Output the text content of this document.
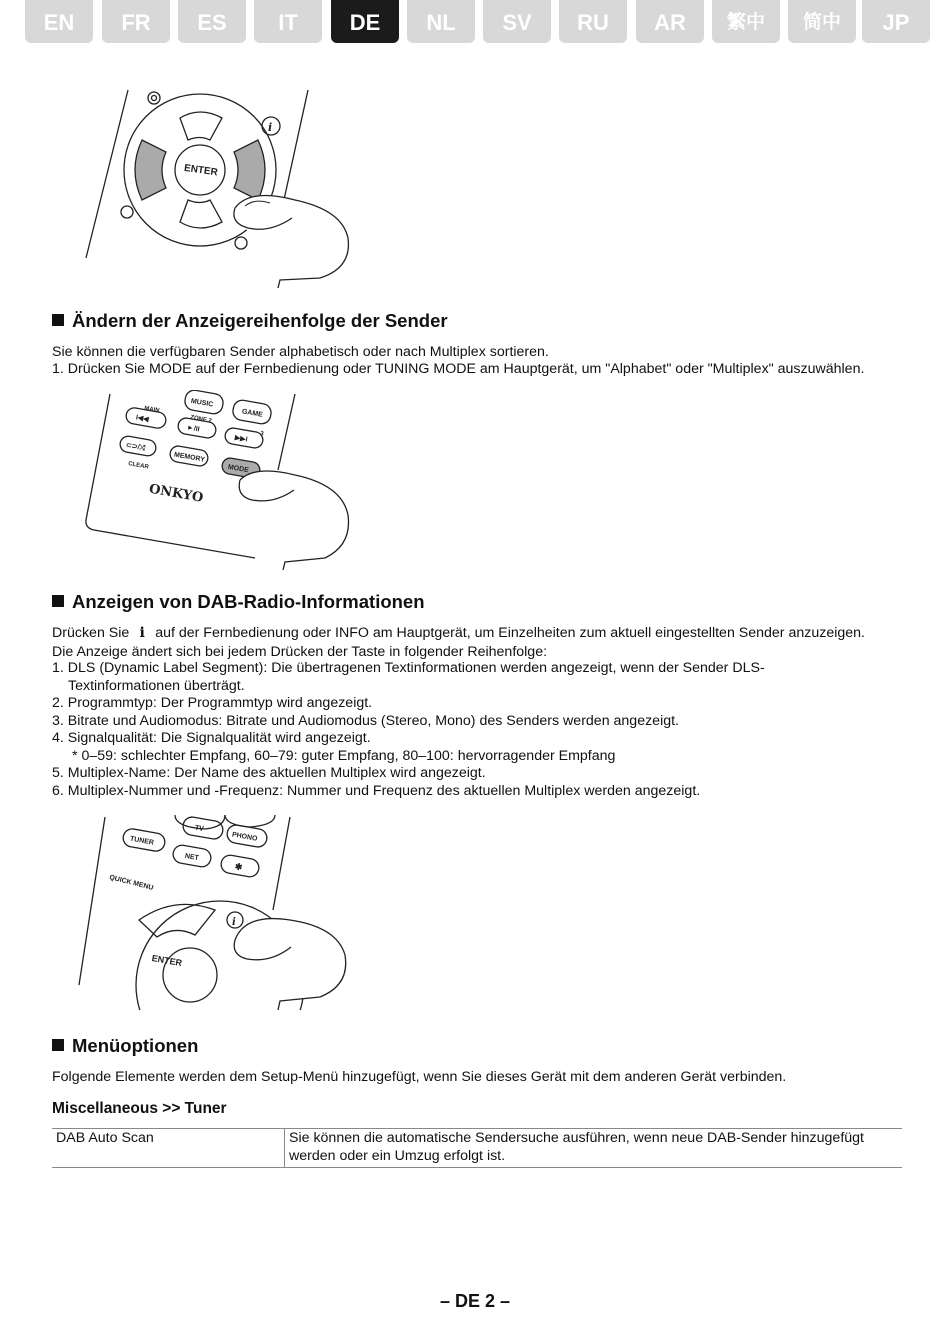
EN	FR	ES	IT	DE	NL	SV	RU	AR	繁中	简中	JP
i
ENTER
Ändern der Anzeigereihenfolge der Sender

Sie können die verfügbaren Sender alphabetisch oder nach Multiplex sortieren.

1. Drücken Sie MODE auf der Fernbedienung oder TUNING MODE am Hauptgerät, um "Alphabet" oder "Multiplex" auszuwählen.

MUSIC
GAME
MAIN
ZONE 2
3
I◀◀
►/II
▶▶I
⊂⊃/⤭
CLEAR
MEMORY
MODE
ONKYO
Anzeigen von DAB-Radio-Informationen

Drücken Sie i auf der Fernbedienung oder INFO am Hauptgerät, um Einzelheiten zum aktuell eingestellten Sender anzuzeigen.

Die Anzeige ändert sich bei jedem Drücken der Taste in folgender Reihenfolge:

1. DLS (Dynamic Label Segment): Die übertragenen Textinformationen werden angezeigt, wenn der Sender DLS-
Textinformationen überträgt.
2. Programmtyp: Der Programmtyp wird angezeigt.
3. Bitrate und Audiomodus: Bitrate und Audiomodus (Stereo, Mono) des Senders werden angezeigt.
4. Signalqualität: Die Signalqualität wird angezeigt.
* 0–59: schlechter Empfang, 60–79: guter Empfang, 80–100: hervorragender Empfang
5. Multiplex-Name: Der Name des aktuellen Multiplex wird angezeigt.
6. Multiplex-Nummer und -Frequenz: Nummer und Frequenz des aktuellen Multiplex werden angezeigt.
TV
PHONO
TUNER
NET
✱
QUICK MENU
ENTER
i
Menüoptionen

Folgende Elemente werden dem Setup-Menü hinzugefügt, wenn Sie dieses Gerät mit dem anderen Gerät verbinden.

Miscellaneous >> Tuner
DAB Auto Scan	Sie können die automatische Sendersuche ausführen, wenn neue DAB-Sender hinzugefügt
werden oder ein Umzug erfolgt ist.
– DE 2 –
